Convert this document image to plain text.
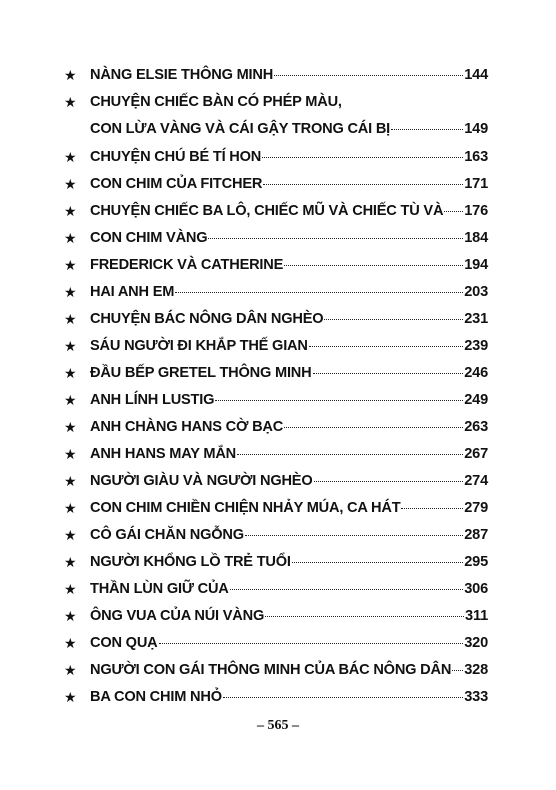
★ NÀNG ELSIE THÔNG MINH	144
★ CHUYỆN CHIẾC BÀN CÓ PHÉP MÀU,
CON LỪA VÀNG VÀ CÁI GẬY TRONG CÁI BỊ	149
★ CHUYỆN CHÚ BÉ TÍ HON	163
★ CON CHIM CỦA FITCHER	171
★ CHUYỆN CHIẾC BA LÔ, CHIẾC MŨ VÀ CHIẾC TÙ VÀ 176
★ CON CHIM VÀNG	184
★ FREDERICK VÀ CATHERINE	194
★ HAI ANH EM	203
★ CHUYỆN BÁC NÔNG DÂN NGHÈO	231
★ SÁU NGƯỜI ĐI KHẮP THẾ GIAN	239
★ ĐẦU BẾP GRETEL THÔNG MINH	246
★ ANH LÍNH LUSTIG	249
★ ANH CHÀNG HANS CỜ BẠC	263
★ ANH HANS MAY MẮN	267
★ NGƯỜI GIÀU VÀ NGƯỜI NGHÈO	274
★ CON CHIM CHIỀN CHIỆN NHẢY MÚA, CA HÁT	279
★ CÔ GÁI CHĂN NGỖNG	287
★ NGƯỜI KHỔNG LỒ TRẺ TUỔI	295
★ THẦN LÙN GIỮ CỦA	306
★ ÔNG VUA CỦA NÚI VÀNG	311
★ CON QUẠ	320
★ NGƯỜI CON GÁI THÔNG MINH CỦA BÁC NÔNG DÂN 328
★ BA CON CHIM NHỎ	333
– 565 –
